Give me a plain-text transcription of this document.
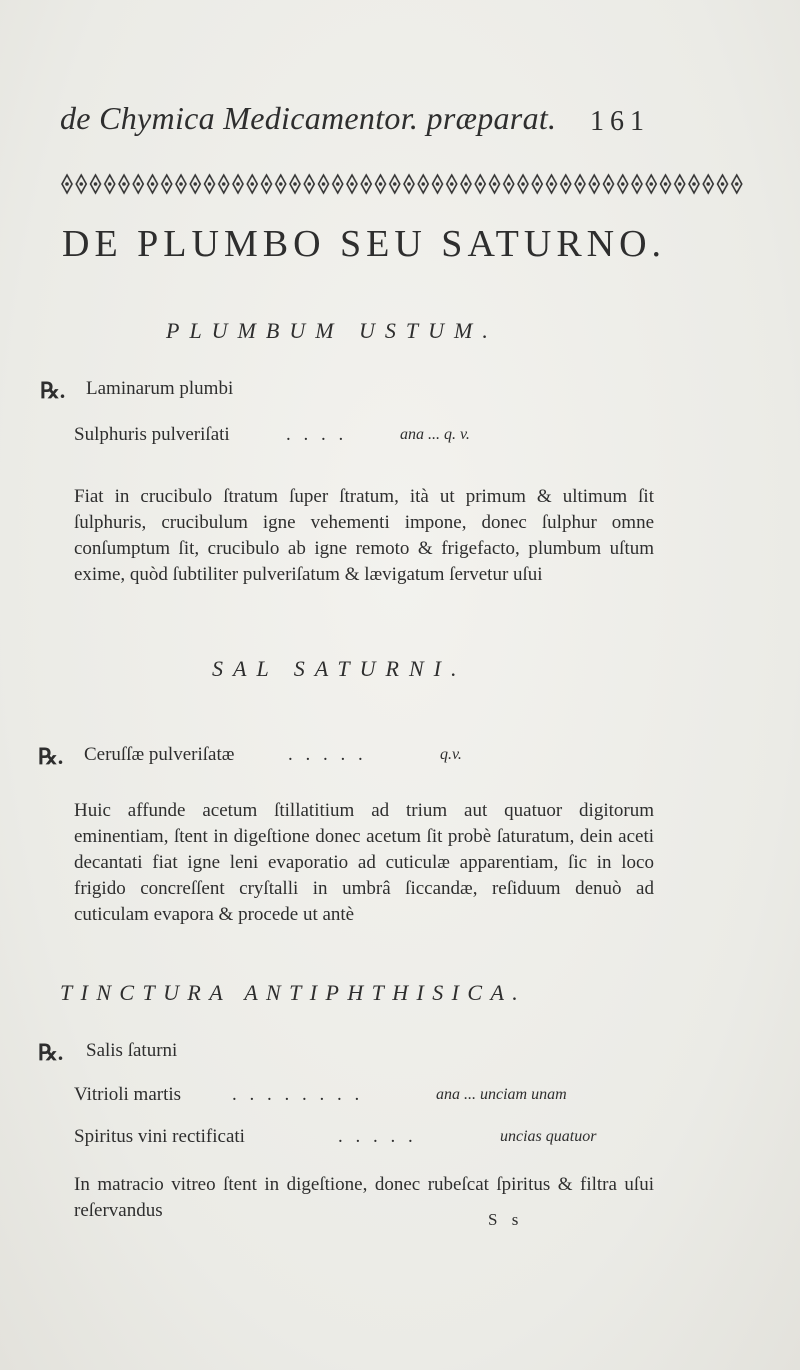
de Chymica Medicamentor. præparat. 161
DE PLUMBO SEU SATURNO.
PLUMBUM USTUM.
℞. Laminarum plumbi
Sulphuris pulveriſati	. . . .	ana ... q. v.
Fiat in crucibulo ſtratum ſuper ſtratum, ità ut primum & ultimum ſit ſulphuris, crucibulum igne vehementi impone, donec ſulphur omne conſumptum ſit, crucibulo ab igne remoto & frigefacto, plumbum uſtum exime, quòd ſubtiliter pulveriſatum & lævigatum ſervetur uſui
SAL SATURNI.
℞. Ceruſſæ pulveriſatæ	. . . . .	q.v.
Huic affunde acetum ſtillatitium ad trium aut quatuor digitorum eminentiam, ſtent in digeſtione donec acetum ſit probè ſaturatum, dein aceti decantati fiat igne leni evaporatio ad cuticulæ apparentiam, ſic in loco frigido concreſſent cryſtalli in umbrâ ſiccandæ, reſiduum denuò ad cuticulam evapora & procede ut antè
TINCTURA ANTIPHTHISICA.
℞. Salis ſaturni
Vitrioli martis	. . . . . . . .	ana ... unciam unam
Spiritus vini rectificati	. . . . .	uncias quatuor
In matracio vitreo ſtent in digeſtione, donec rubeſcat ſpiritus & filtra uſui reſervandus	S s
